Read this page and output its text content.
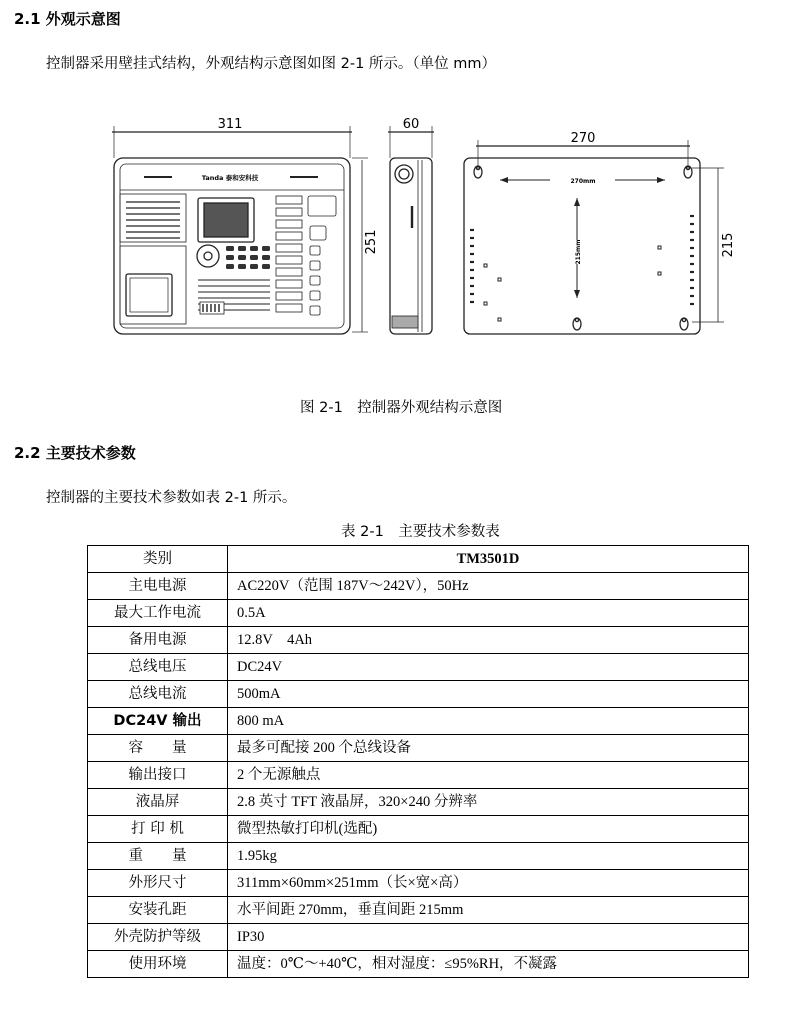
2.1 外观示意图
控制器采用壁挂式结构，外观结构示意图如图 2-1 所示。（单位 mm）
311
Tanda 泰和安科技
251
60
270
270mm
215mm	215
图 2-1　控制器外观结构示意图
2.2 主要技术参数
控制器的主要技术参数如表 2-1 所示。
表 2-1　主要技术参数表
类别	TM3501D
主电电源	AC220V（范围 187V～242V），50Hz
最大工作电流	0.5A
备用电源	12.8V　4Ah
总线电压	DC24V
总线电流	500mA
DC24V 输出	800 mA
容　　量	最多可配接 200 个总线设备
输出接口	2 个无源触点
液晶屏	2.8 英寸 TFT 液晶屏，320×240 分辨率
打 印 机	微型热敏打印机(选配)
重　　量	1.95kg
外形尺寸	311mm×60mm×251mm（长×宽×高）
安装孔距	水平间距 270mm，垂直间距 215mm
外壳防护等级	IP30
使用环境	温度：0℃～+40℃，相对湿度：≤95%RH，不凝露
